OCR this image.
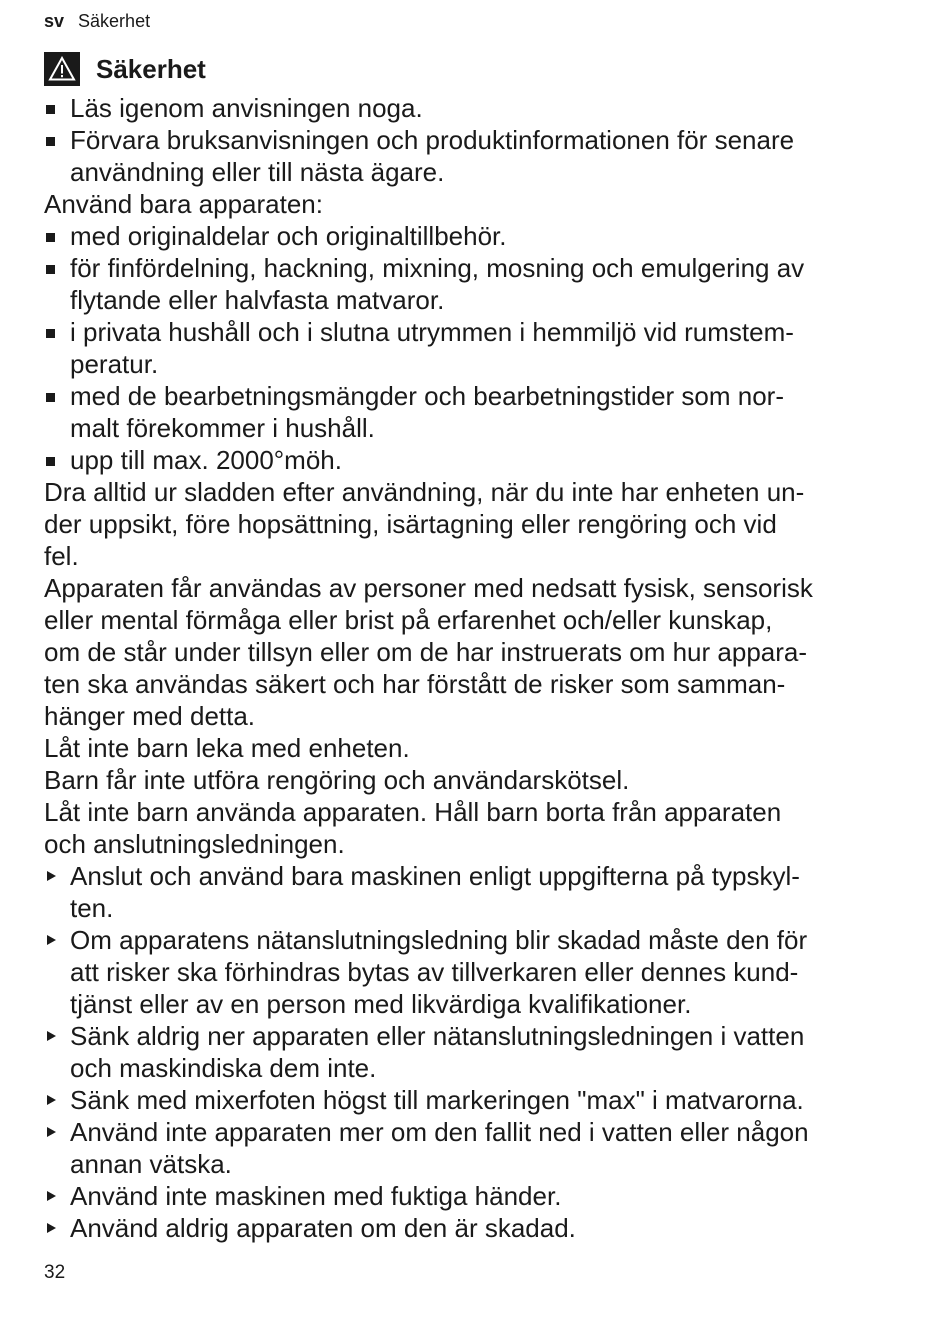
sv Säkerhet
Säkerhet

Läs igenom anvisningen noga.

Förvara bruksanvisningen och produktinformationen för senare användning eller till nästa ägare.

Använd bara apparaten:

med originaldelar och originaltillbehör.

för finfördelning, hackning, mixning, mosning och emulgering av flytande eller halvfasta matvaror.

i privata hushåll och i slutna utrymmen i hemmiljö vid rumstem-
peratur.

med de bearbetningsmängder och bearbetningstider som nor-
malt förekommer i hushåll.

upp till max. 2000°möh.

Dra alltid ur sladden efter användning, när du inte har enheten un-
der uppsikt, före hopsättning, isärtagning eller rengöring och vid
fel.

Apparaten får användas av personer med nedsatt fysisk, sensorisk
eller mental förmåga eller brist på erfarenhet och/eller kunskap,
om de står under tillsyn eller om de har instruerats om hur appara-
ten ska användas säkert och har förstått de risker som samman-
hänger med detta.

Låt inte barn leka med enheten.

Barn får inte utföra rengöring och användarskötsel.

Låt inte barn använda apparaten. Håll barn borta från apparaten
och anslutningsledningen.

Anslut och använd bara maskinen enligt uppgifterna på typskyl-
ten.

Om apparatens nätanslutningsledning blir skadad måste den för
att risker ska förhindras bytas av tillverkaren eller dennes kund-
tjänst eller av en person med likvärdiga kvalifikationer.

Sänk aldrig ner apparaten eller nätanslutningsledningen i vatten
och maskindiska dem inte.

Sänk med mixerfoten högst till markeringen "max" i matvarorna.

Använd inte apparaten mer om den fallit ned i vatten eller någon
annan vätska.

Använd inte maskinen med fuktiga händer.

Använd aldrig apparaten om den är skadad.

32
